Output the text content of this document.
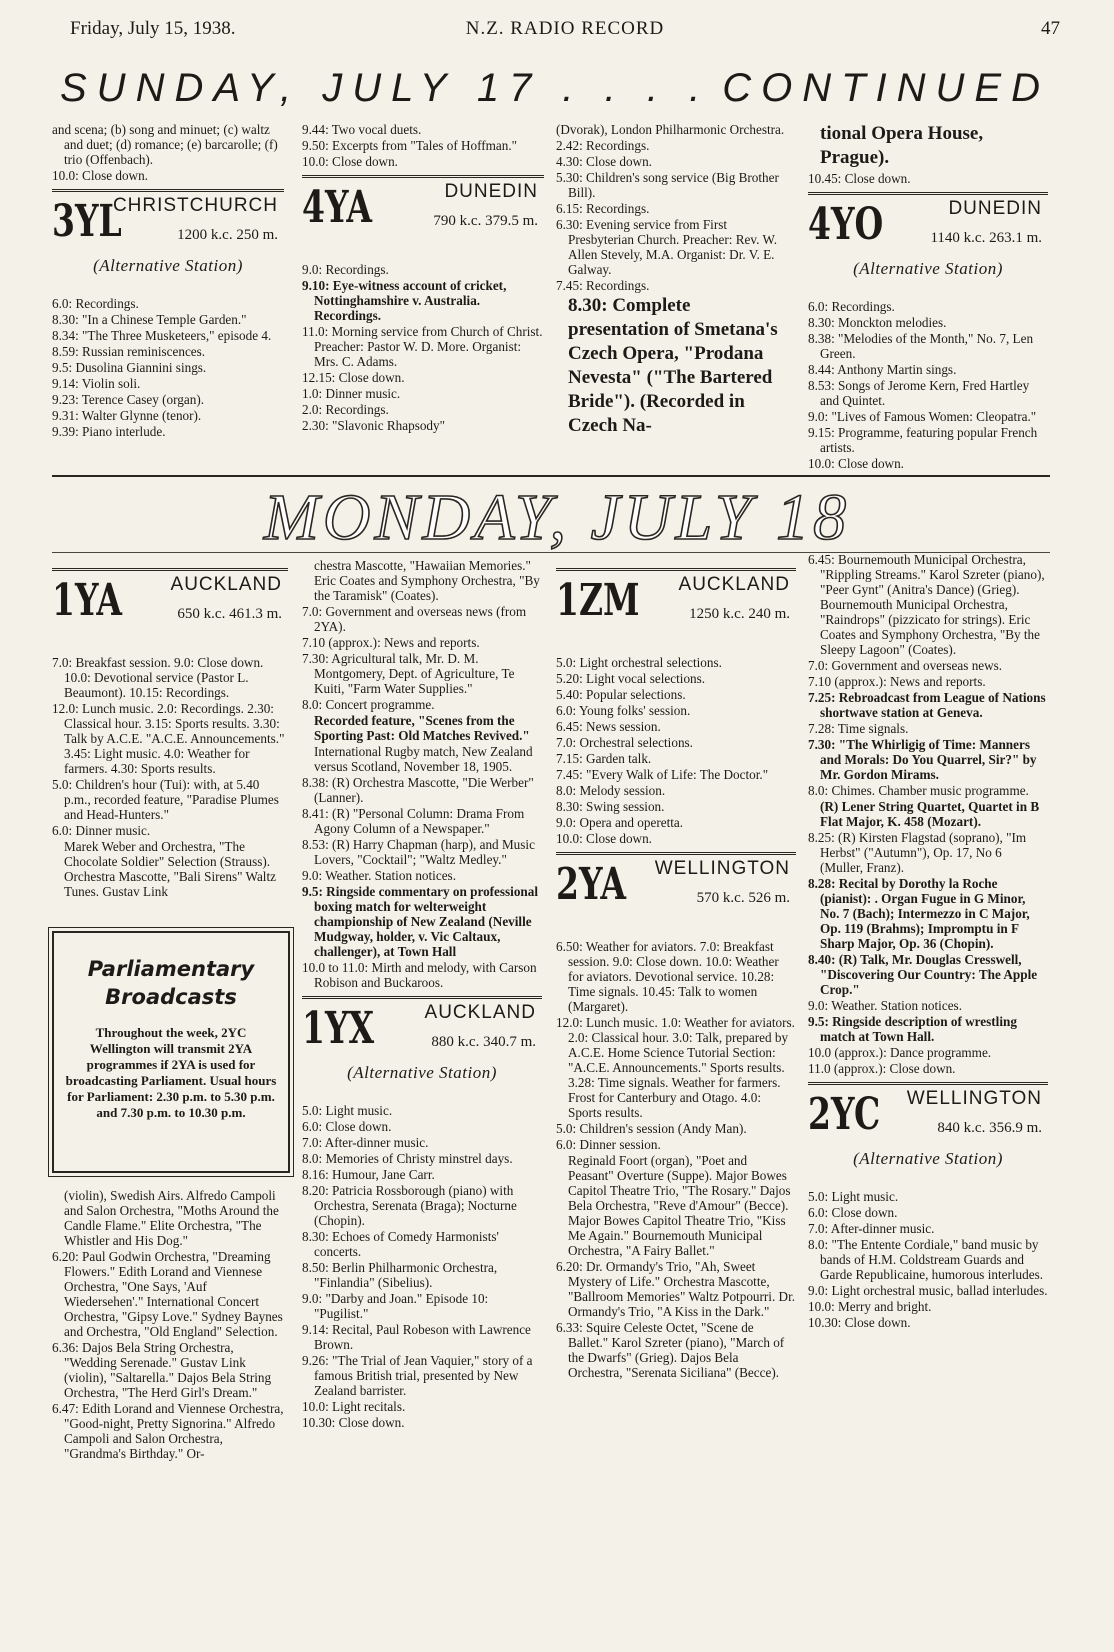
Friday, July 15, 1938.	N.Z. RADIO RECORD	47
SUNDAY, JULY 17 . . . . CONTINUED

and scena; (b) song and minuet; (c) waltz and duet; (d) romance; (e) barcarolle; (f) trio (Offenbach).

10.0: Close down.

3YL
CHRISTCHURCH
1200 k.c. 250 m.
(Alternative Station)

6.0: Recordings.

8.30: "In a Chinese Temple Garden."

8.34: "The Three Musketeers," episode 4.

8.59: Russian reminiscences.

9.5: Dusolina Giannini sings.

9.14: Violin soli.

9.23: Terence Casey (organ).

9.31: Walter Glynne (tenor).

9.39: Piano interlude.

9.44: Two vocal duets.

9.50: Excerpts from "Tales of Hoffman."

10.0: Close down.

4YA	DUNEDIN
790 k.c. 379.5 m.

9.0: Recordings.

9.10: Eye-witness account of cricket, Nottinghamshire v. Australia. Recordings.

11.0: Morning service from Church of Christ. Preacher: Pastor W. D. More. Organist: Mrs. C. Adams.

12.15: Close down.

1.0: Dinner music.

2.0: Recordings.

2.30: "Slavonic Rhapsody"

(Dvorak), London Philharmonic Orchestra.

2.42: Recordings.

4.30: Close down.

5.30: Children's song service (Big Brother Bill).

6.15: Recordings.

6.30: Evening service from First Presbyterian Church. Preacher: Rev. W. Allen Stevely, M.A. Organist: Dr. V. E. Galway.

7.45: Recordings.

8.30: Complete presentation of Smetana's Czech Opera, "Prodana Nevesta" ("The Bartered Bride"). (Recorded in Czech Na-

tional Opera House, Prague).

10.45: Close down.

4YO	DUNEDIN
1140 k.c. 263.1 m.
(Alternative Station)

6.0: Recordings.

8.30: Monckton melodies.

8.38: "Melodies of the Month," No. 7, Len Green.

8.44: Anthony Martin sings.

8.53: Songs of Jerome Kern, Fred Hartley and Quintet.

9.0: "Lives of Famous Women: Cleopatra."

9.15: Programme, featuring popular French artists.

10.0: Close down.

MONDAY, JULY 18
1YA	AUCKLAND
650 k.c. 461.3 m.

7.0: Breakfast session. 9.0: Close down. 10.0: Devotional service (Pastor L. Beaumont). 10.15: Recordings.

12.0: Lunch music. 2.0: Recordings. 2.30: Classical hour. 3.15: Sports results. 3.30: Talk by A.C.E. "A.C.E. Announcements." 3.45: Light music. 4.0: Weather for farmers. 4.30: Sports results.

5.0: Children's hour (Tui): with, at 5.40 p.m., recorded feature, "Paradise Plumes and Head-Hunters."

6.0: Dinner music.

Marek Weber and Orchestra, "The Chocolate Soldier" Selection (Strauss). Orchestra Mascotte, "Bali Sirens" Waltz Tunes. Gustav Link

Parliamentary Broadcasts
Throughout the week, 2YC Wellington will transmit 2YA programmes if 2YA is used for broadcasting Parliament. Usual hours for Parliament: 2.30 p.m. to 5.30 p.m. and 7.30 p.m. to 10.30 p.m.

(violin), Swedish Airs. Alfredo Campoli and Salon Orchestra, "Moths Around the Candle Flame." Elite Orchestra, "The Whistler and His Dog."

6.20: Paul Godwin Orchestra, "Dreaming Flowers." Edith Lorand and Viennese Orchestra, "One Says, 'Auf Wiedersehen'." International Concert Orchestra, "Gipsy Love." Sydney Baynes and Orchestra, "Old England" Selection.

6.36: Dajos Bela String Orchestra, "Wedding Serenade." Gustav Link (violin), "Saltarella." Dajos Bela String Orchestra, "The Herd Girl's Dream."

6.47: Edith Lorand and Viennese Orchestra, "Good-night, Pretty Signorina." Alfredo Campoli and Salon Orchestra, "Grandma's Birthday." Or-

chestra Mascotte, "Hawaiian Memories." Eric Coates and Symphony Orchestra, "By the Taramisk" (Coates).

7.0: Government and overseas news (from 2YA).

7.10 (approx.): News and reports.

7.30: Agricultural talk, Mr. D. M. Montgomery, Dept. of Agriculture, Te Kuiti, "Farm Water Supplies."

8.0: Concert programme.

Recorded feature, "Scenes from the Sporting Past: Old Matches Revived."

International Rugby match, New Zealand versus Scotland, November 18, 1905.

8.38: (R) Orchestra Mascotte, "Die Werber" (Lanner).

8.41: (R) "Personal Column: Drama From Agony Column of a Newspaper."

8.53: (R) Harry Chapman (harp), and Music Lovers, "Cocktail"; "Waltz Medley."

9.0: Weather. Station notices.

9.5: Ringside commentary on professional boxing match for welterweight championship of New Zealand (Neville Mudgway, holder, v. Vic Caltaux, challenger), at Town Hall

10.0 to 11.0: Mirth and melody, with Carson Robison and Buckaroos.

1YX	AUCKLAND
880 k.c. 340.7 m.
(Alternative Station)

5.0: Light music.

6.0: Close down.

7.0: After-dinner music.

8.0: Memories of Christy minstrel days.

8.16: Humour, Jane Carr.

8.20: Patricia Rossborough (piano) with Orchestra, Serenata (Braga); Nocturne (Chopin).

8.30: Echoes of Comedy Harmonists' concerts.

8.50: Berlin Philharmonic Orchestra, "Finlandia" (Sibelius).

9.0: "Darby and Joan." Episode 10: "Pugilist."

9.14: Recital, Paul Robeson with Lawrence Brown.

9.26: "The Trial of Jean Vaquier," story of a famous British trial, presented by New Zealand barrister.

10.0: Light recitals.

10.30: Close down.

1ZM AUCKLAND
1250 k.c. 240 m.

5.0: Light orchestral selections.

5.20: Light vocal selections.

5.40: Popular selections.

6.0: Young folks' session.

6.45: News session.

7.0: Orchestral selections.

7.15: Garden talk.

7.45: "Every Walk of Life: The Doctor."

8.0: Melody session.

8.30: Swing session.

9.0: Opera and operetta.

10.0: Close down.

2YA WELLINGTON
570 k.c. 526 m.

6.50: Weather for aviators. 7.0: Breakfast session. 9.0: Close down. 10.0: Weather for aviators. Devotional service. 10.28: Time signals. 10.45: Talk to women (Margaret).

12.0: Lunch music. 1.0: Weather for aviators. 2.0: Classical hour. 3.0: Talk, prepared by A.C.E. Home Science Tutorial Section: "A.C.E. Announcements." Sports results. 3.28: Time signals. Weather for farmers. Frost for Canterbury and Otago. 4.0: Sports results.

5.0: Children's session (Andy Man).

6.0: Dinner session.

Reginald Foort (organ), "Poet and Peasant" Overture (Suppe). Major Bowes Capitol Theatre Trio, "The Rosary." Dajos Bela Orchestra, "Reve d'Amour" (Becce). Major Bowes Capitol Theatre Trio, "Kiss Me Again." Bournemouth Municipal Orchestra, "A Fairy Ballet."

6.20: Dr. Ormandy's Trio, "Ah, Sweet Mystery of Life." Orchestra Mascotte, "Ballroom Memories" Waltz Potpourri. Dr. Ormandy's Trio, "A Kiss in the Dark."

6.33: Squire Celeste Octet, "Scene de Ballet." Karol Szreter (piano), "March of the Dwarfs" (Grieg). Dajos Bela Orchestra, "Serenata Siciliana" (Becce).

6.45: Bournemouth Municipal Orchestra, "Rippling Streams." Karol Szreter (piano), "Peer Gynt" (Anitra's Dance) (Grieg). Bournemouth Municipal Orchestra, "Raindrops" (pizzicato for strings). Eric Coates and Symphony Orchestra, "By the Sleepy Lagoon" (Coates).

7.0: Government and overseas news.

7.10 (approx.): News and reports.

7.25: Rebroadcast from League of Nations shortwave station at Geneva.

7.28: Time signals.

7.30: "The Whirligig of Time: Manners and Morals: Do You Quarrel, Sir?" by Mr. Gordon Mirams.

8.0: Chimes. Chamber music programme.

(R) Lener String Quartet, Quartet in B Flat Major, K. 458 (Mozart).

8.25: (R) Kirsten Flagstad (soprano), "Im Herbst" ("Autumn"), Op. 17, No 6 (Muller, Franz).

8.28: Recital by Dorothy la Roche (pianist): . Organ Fugue in G Minor, No. 7 (Bach); Intermezzo in C Major, Op. 119 (Brahms); Impromptu in F Sharp Major, Op. 36 (Chopin).

8.40: (R) Talk, Mr. Douglas Cresswell, "Discovering Our Country: The Apple Crop."

9.0: Weather. Station notices.

9.5: Ringside description of wrestling match at Town Hall.

10.0 (approx.): Dance programme.

11.0 (approx.): Close down.

2YC WELLINGTON
840 k.c. 356.9 m.
(Alternative Station)

5.0: Light music.

6.0: Close down.

7.0: After-dinner music.

8.0: "The Entente Cordiale," band music by bands of H.M. Coldstream Guards and Garde Republicaine, humorous interludes.

9.0: Light orchestral music, ballad interludes.

10.0: Merry and bright.

10.30: Close down.
